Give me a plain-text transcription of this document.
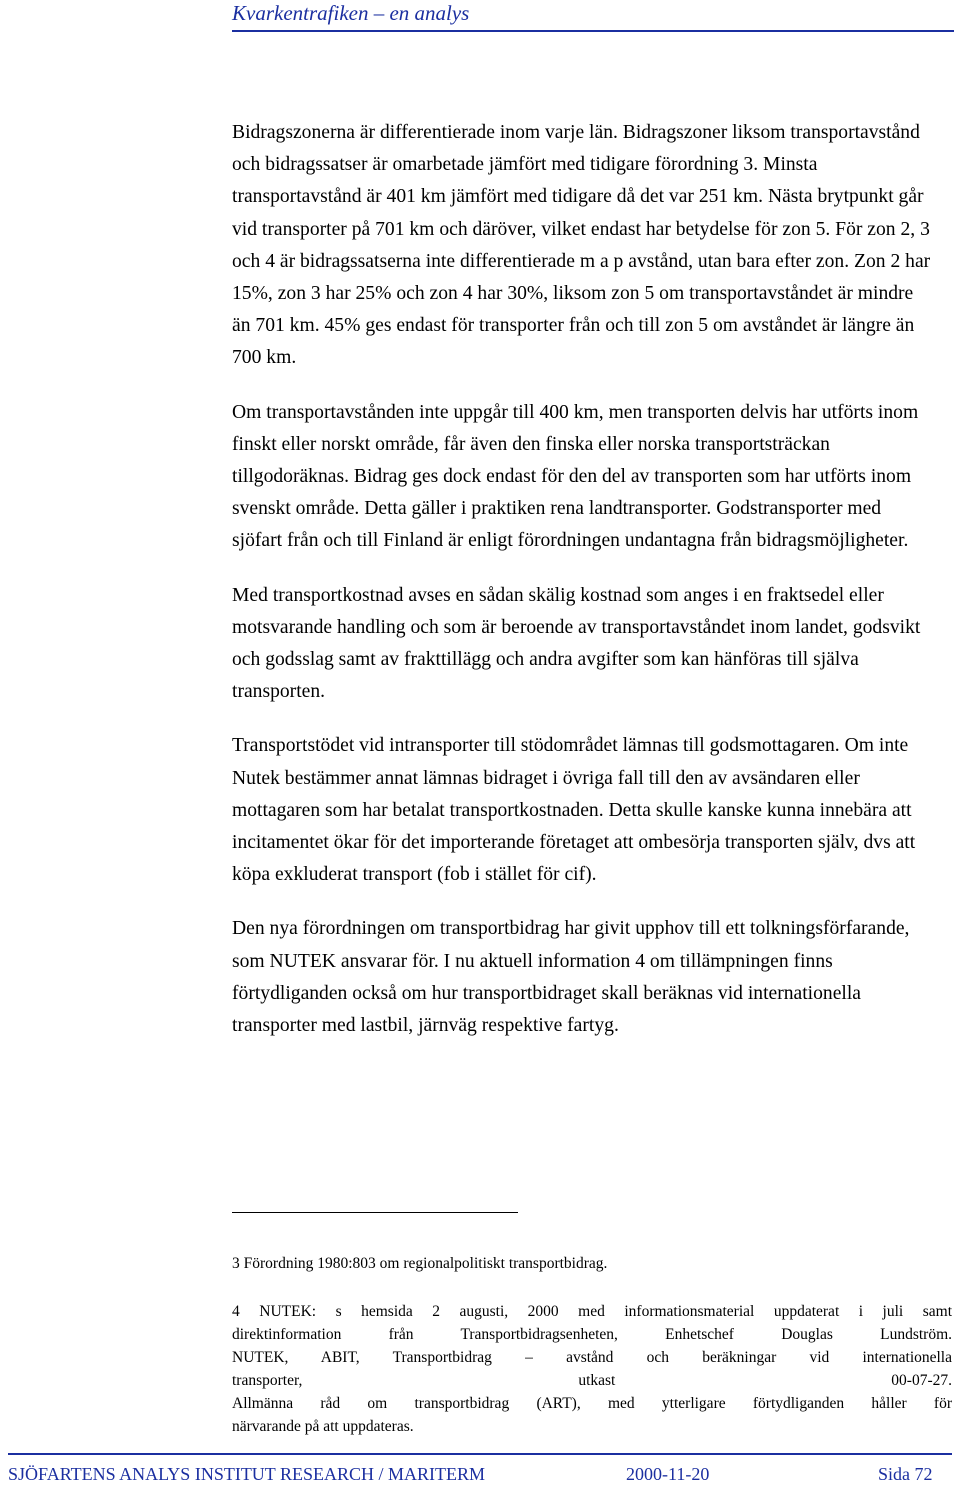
Kvarkentrafiken – en analys

Bidragszonerna är differentierade inom varje län. Bidragszoner liksom transportavstånd och bidragssatser är omarbetade jämfört med tidigare förordning 3. Minsta transportavstånd är 401 km jämfört med tidigare då det var 251 km. Nästa brytpunkt går vid transporter på 701 km och däröver, vilket endast har betydelse för zon 5. För zon 2, 3 och 4 är bidragssatserna inte differentierade m a p avstånd, utan bara efter zon. Zon 2 har 15%, zon 3 har 25% och zon 4 har 30%, liksom zon 5 om transportavståndet är mindre än 701 km. 45% ges endast för transporter från och till zon 5 om avståndet är längre än 700 km.

Om transportavstånden inte uppgår till 400 km, men transporten delvis har utförts inom finskt eller norskt område, får även den finska eller norska transportsträckan tillgodoräknas. Bidrag ges dock endast för den del av transporten som har utförts inom svenskt område. Detta gäller i praktiken rena landtransporter. Godstransporter med sjöfart från och till Finland är enligt förordningen undantagna från bidragsmöjligheter.

Med transportkostnad avses en sådan skälig kostnad som anges i en fraktsedel eller motsvarande handling och som är beroende av transportavståndet inom landet, godsvikt och godsslag samt av frakttillägg och andra avgifter som kan hänföras till själva transporten.

Transportstödet vid intransporter till stödområdet lämnas till godsmottagaren. Om inte Nutek bestämmer annat lämnas bidraget i övriga fall till den av avsändaren eller mottagaren som har betalat transportkostnaden. Detta skulle kanske kunna innebära att incitamentet ökar för det importerande företaget att ombesörja transporten själv, dvs att köpa exkluderat transport (fob i stället för cif).

Den nya förordningen om transportbidrag har givit upphov till ett tolkningsförfarande, som NUTEK ansvarar för. I nu aktuell information 4 om tillämpningen finns förtydliganden också om hur transportbidraget skall beräknas vid internationella transporter med lastbil, järnväg respektive fartyg.

3 Förordning 1980:803 om regionalpolitiskt transportbidrag.
4 NUTEK: s hemsida 2 augusti, 2000 med informationsmaterial uppdaterat i juli samt
direktinformation från Transportbidragsenheten, Enhetschef Douglas Lundström.
NUTEK, ABIT, Transportbidrag – avstånd och beräkningar vid internationella
transporter, utkast 00-07-27.
Allmänna råd om transportbidrag (ART), med ytterligare förtydliganden håller för
närvarande på att uppdateras.
SJÖFARTENS ANALYS INSTITUT RESEARCH / MARITERM	2000-11-20	Sida 72
